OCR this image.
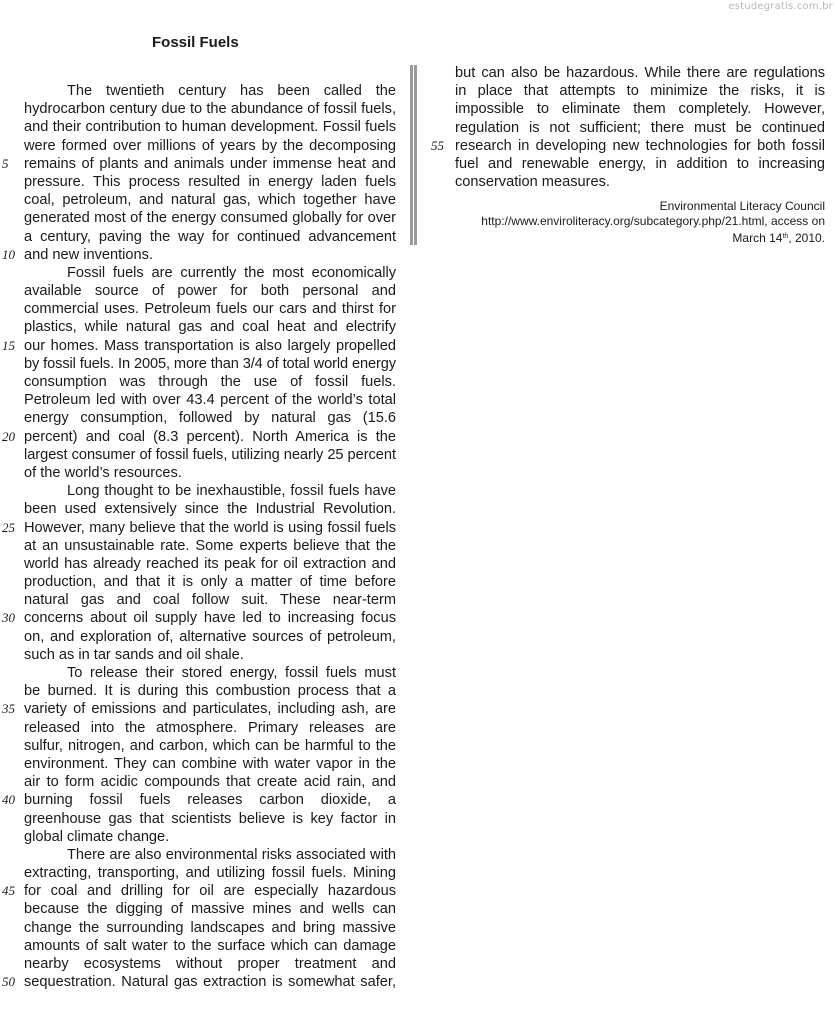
estudegratis.com.br
Fossil Fuels
The twentieth century has been called the
hydrocarbon century due to the abundance of fossil fuels,
and their contribution to human development. Fossil fuels
were formed over millions of years by the decomposing
5	remains of plants and animals under immense heat and
pressure. This process resulted in energy laden fuels
coal, petroleum, and natural gas, which together have
generated most of the energy consumed globally for over
a century, paving the way for continued advancement
10 and new inventions.
Fossil fuels are currently the most economically
available source of power for both personal and
commercial uses. Petroleum fuels our cars and thirst for
plastics, while natural gas and coal heat and electrify
15 our homes. Mass transportation is also largely propelled
by fossil fuels. In 2005, more than 3/4 of total world energy
consumption was through the use of fossil fuels.
Petroleum led with over 43.4 percent of the world’s total
energy consumption, followed by natural gas (15.6
20 percent) and coal (8.3 percent). North America is the
largest consumer of fossil fuels, utilizing nearly 25 percent
of the world’s resources.
Long thought to be inexhaustible, fossil fuels have
been used extensively since the Industrial Revolution.
25 However, many believe that the world is using fossil fuels
at an unsustainable rate. Some experts believe that the
world has already reached its peak for oil extraction and
production, and that it is only a matter of time before
natural gas and coal follow suit. These near-term
30 concerns about oil supply have led to increasing focus
on, and exploration of, alternative sources of petroleum,
such as in tar sands and oil shale.
To release their stored energy, fossil fuels must
be burned. It is during this combustion process that a
35 variety of emissions and particulates, including ash, are
released into the atmosphere. Primary releases are
sulfur, nitrogen, and carbon, which can be harmful to the
environment. They can combine with water vapor in the
air to form acidic compounds that create acid rain, and
40 burning fossil fuels releases carbon dioxide, a
greenhouse gas that scientists believe is key factor in
global climate change.
There are also environmental risks associated with
extracting, transporting, and utilizing fossil fuels. Mining
45 for coal and drilling for oil are especially hazardous
because the digging of massive mines and wells can
change the surrounding landscapes and bring massive
amounts of salt water to the surface which can damage
nearby ecosystems without proper treatment and
50 sequestration. Natural gas extraction is somewhat safer,
but can also be hazardous. While there are regulations
in place that attempts to minimize the risks, it is
impossible to eliminate them completely. However,
regulation is not sufficient; there must be continued
55 research in developing new technologies for both fossil
fuel and renewable energy, in addition to increasing
conservation measures.
Environmental Literacy Council
http://www.enviroliteracy.org/subcategory.php/21.html, access on
March 14th, 2010.
